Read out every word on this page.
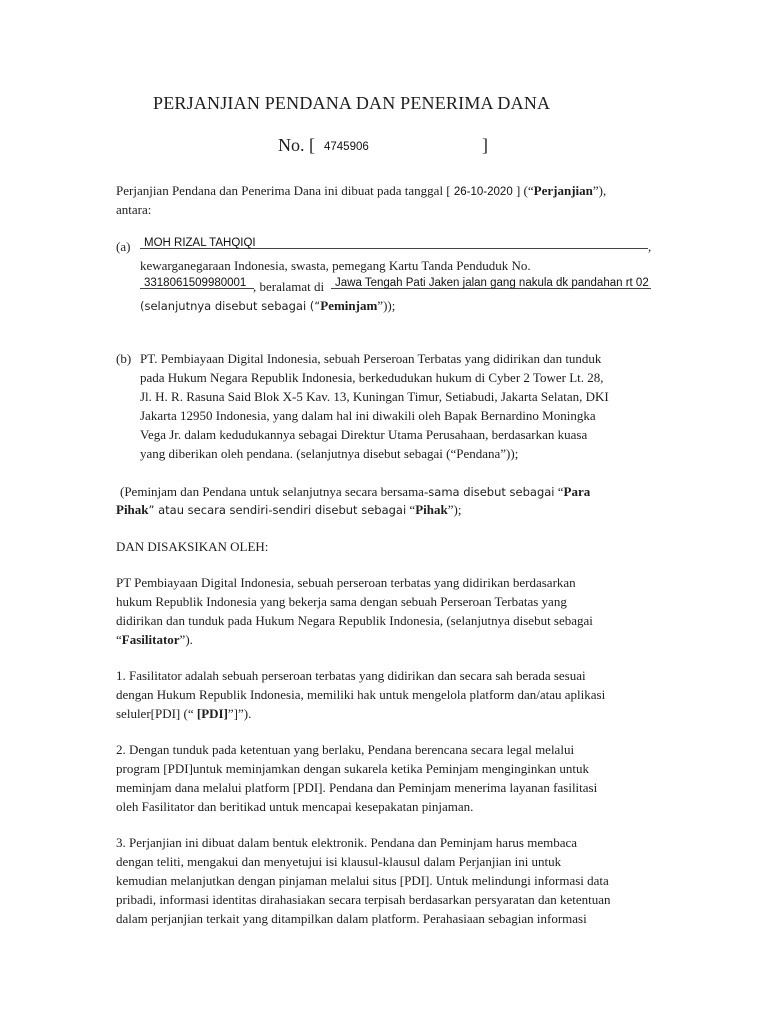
PERJANJIAN PENDANA DAN PENERIMA DANA
No. [ 4745906	]
Perjanjian Pendana dan Penerima Dana ini dibuat pada tanggal [ 26-10-2020 ] (“Perjanjian”),
antara:
(a) MOH RIZAL TAHQIQI	,
kewarganegaraan Indonesia, swasta, pemegang Kartu Tanda Penduduk No.
3318061509980001 , beralamat di Jawa Tengah Pati Jaken jalan gang nakula dk pandahan rt 02
(selanjutnya disebut sebagai (“Peminjam”));
(b) PT. Pembiayaan Digital Indonesia, sebuah Perseroan Terbatas yang didirikan dan tunduk
pada Hukum Negara Republik Indonesia, berkedudukan hukum di Cyber 2 Tower Lt. 28,
Jl. H. R. Rasuna Said Blok X-5 Kav. 13, Kuningan Timur, Setiabudi, Jakarta Selatan, DKI
Jakarta 12950 Indonesia, yang dalam hal ini diwakili oleh Bapak Bernardino Moningka
Vega Jr. dalam kedudukannya sebagai Direktur Utama Perusahaan, berdasarkan kuasa
yang diberikan oleh pendana. (selanjutnya disebut sebagai (“Pendana”));
(Peminjam dan Pendana untuk selanjutnya secara bersama-sama disebut sebagai “Para
Pihak” atau secara sendiri-sendiri disebut sebagai “Pihak”);
DAN DISAKSIKAN OLEH:
PT Pembiayaan Digital Indonesia, sebuah perseroan terbatas yang didirikan berdasarkan
hukum Republik Indonesia yang bekerja sama dengan sebuah Perseroan Terbatas yang
didirikan dan tunduk pada Hukum Negara Republik Indonesia, (selanjutnya disebut sebagai
“Fasilitator”).
1. Fasilitator adalah sebuah perseroan terbatas yang didirikan dan secara sah berada sesuai
dengan Hukum Republik Indonesia, memiliki hak untuk mengelola platform dan/atau aplikasi
seluler[PDI] (“ [PDI]”]”).
2. Dengan tunduk pada ketentuan yang berlaku, Pendana berencana secara legal melalui
program [PDI]untuk meminjamkan dengan sukarela ketika Peminjam menginginkan untuk
meminjam dana melalui platform [PDI]. Pendana dan Peminjam menerima layanan fasilitasi
oleh Fasilitator dan beritikad untuk mencapai kesepakatan pinjaman.
3. Perjanjian ini dibuat dalam bentuk elektronik. Pendana dan Peminjam harus membaca
dengan teliti, mengakui dan menyetujui isi klausul-klausul dalam Perjanjian ini untuk
kemudian melanjutkan dengan pinjaman melalui situs [PDI]. Untuk melindungi informasi data
pribadi, informasi identitas dirahasiakan secara terpisah berdasarkan persyaratan dan ketentuan
dalam perjanjian terkait yang ditampilkan dalam platform. Perahasiaan sebagian informasi
